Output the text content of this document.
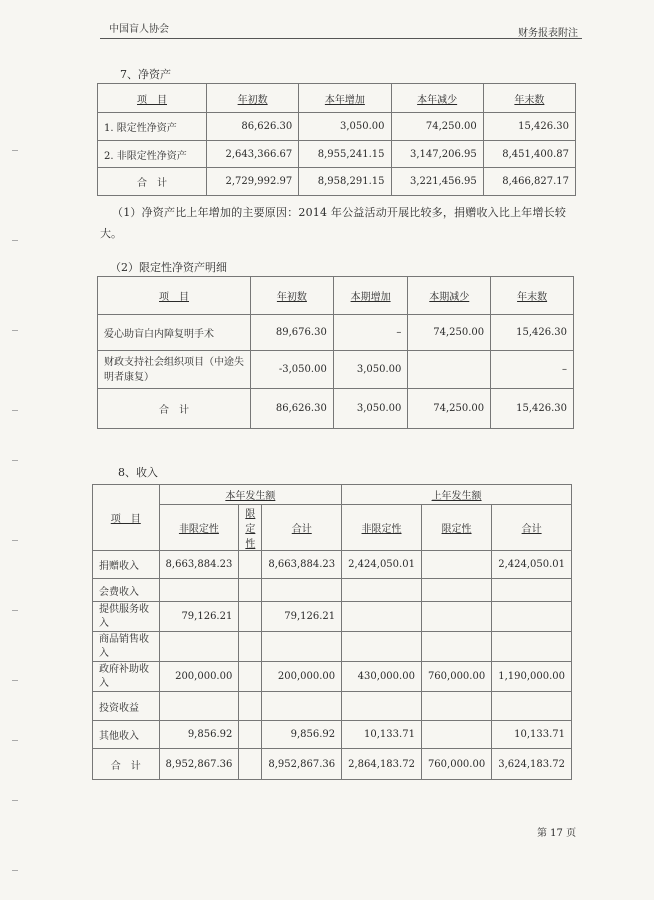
中国盲人协会	财务报表附注
7、净资产
项　目	年初数	本年增加	本年减少	年末数
1. 限定性净资产	86,626.30	3,050.00	74,250.00	15,426.30
2. 非限定性净资产	2,643,366.67	8,955,241.15	3,147,206.95	8,451,400.87
合　计	2,729,992.97	8,958,291.15	3,221,456.95	8,466,827.17
（1）净资产比上年增加的主要原因：2014 年公益活动开展比较多，捐赠收入比上年增长较
大。
（2）限定性净资产明细
项　目	年初数	本期增加	本期减少	年末数
爱心助盲白内障复明手术	89,676.30	–	74,250.00	15,426.30
财政支持社会组织项目（中途失明者康复）	-3,050.00	3,050.00		–
合　计	86,626.30	3,050.00	74,250.00	15,426.30
8、收入
项　目	本年发生额			上年发生额		
	非限定性	限定性	合计	非限定性	限定性	合计
捐赠收入	8,663,884.23		8,663,884.23	2,424,050.01		2,424,050.01
会费收入						
提供服务收入	79,126.21		79,126.21			
商品销售收入						
政府补助收入	200,000.00		200,000.00	430,000.00	760,000.00	1,190,000.00
投资收益						
其他收入	9,856.92		9,856.92	10,133.71		10,133.71
合　计	8,952,867.36		8,952,867.36	2,864,183.72	760,000.00	3,624,183.72
第 17 页
